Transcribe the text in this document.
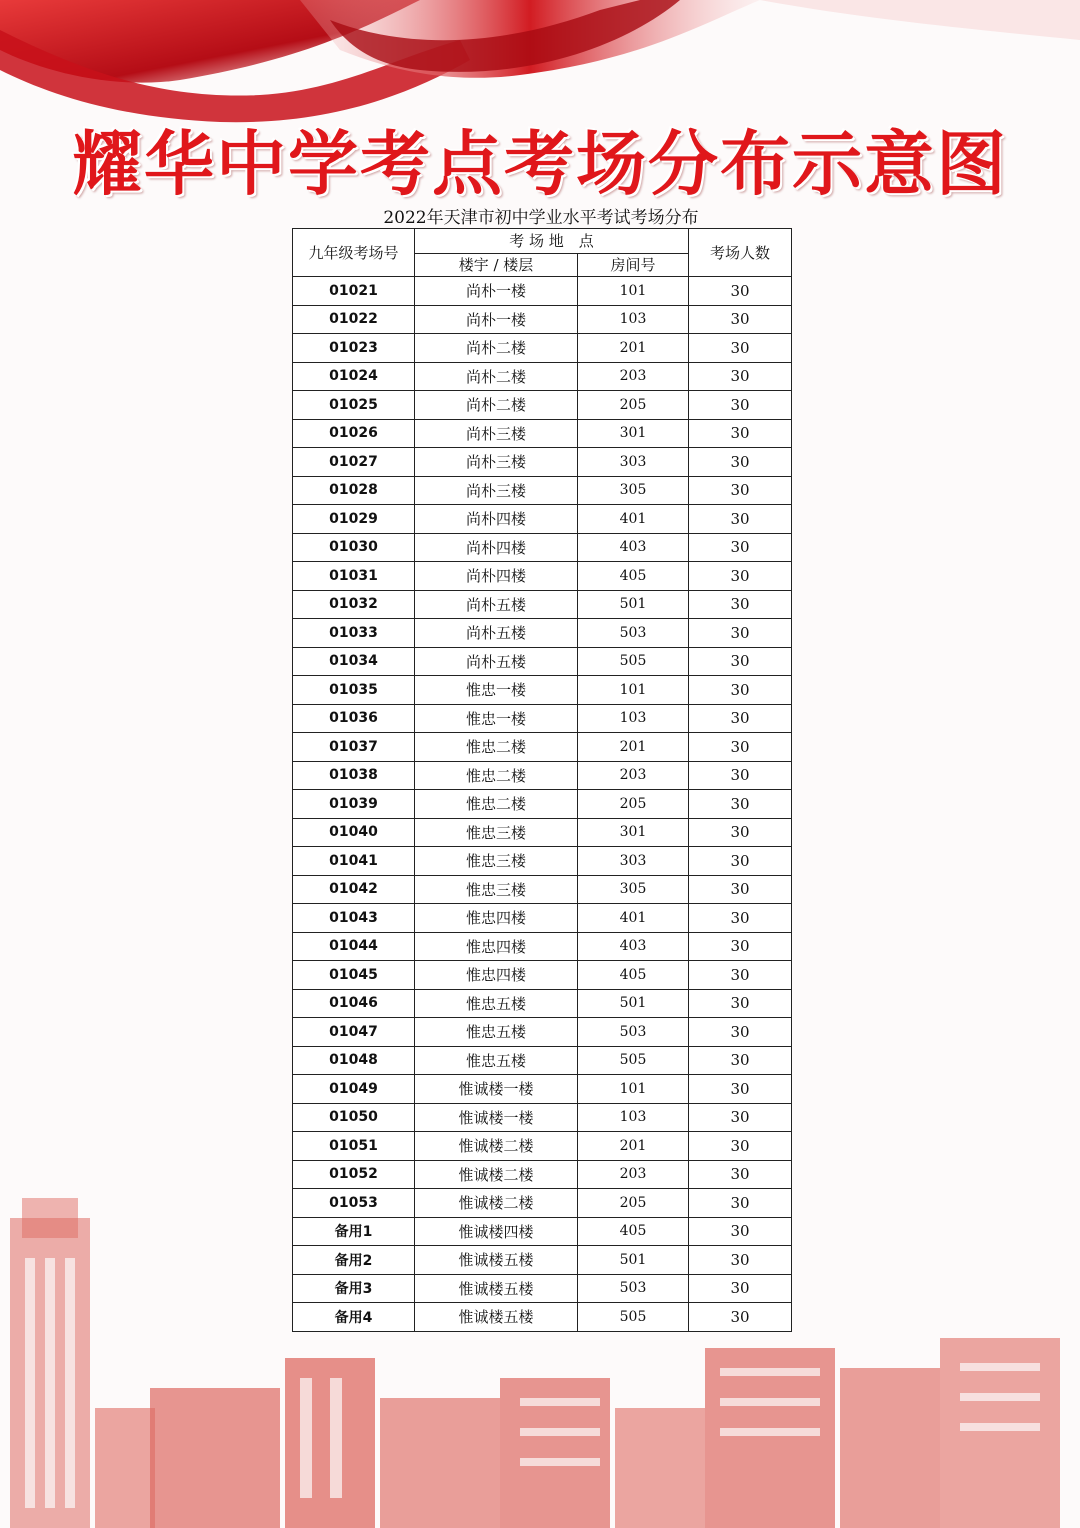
耀华中学考点考场分布示意图

2022年天津市初中学业水平考试考场分布

九年级考场号	考 场 地　点		考场人数
	楼宇 / 楼层	房间号	
01021	尚朴一楼	101	30
01022	尚朴一楼	103	30
01023	尚朴二楼	201	30
01024	尚朴二楼	203	30
01025	尚朴二楼	205	30
01026	尚朴三楼	301	30
01027	尚朴三楼	303	30
01028	尚朴三楼	305	30
01029	尚朴四楼	401	30
01030	尚朴四楼	403	30
01031	尚朴四楼	405	30
01032	尚朴五楼	501	30
01033	尚朴五楼	503	30
01034	尚朴五楼	505	30
01035	惟忠一楼	101	30
01036	惟忠一楼	103	30
01037	惟忠二楼	201	30
01038	惟忠二楼	203	30
01039	惟忠二楼	205	30
01040	惟忠三楼	301	30
01041	惟忠三楼	303	30
01042	惟忠三楼	305	30
01043	惟忠四楼	401	30
01044	惟忠四楼	403	30
01045	惟忠四楼	405	30
01046	惟忠五楼	501	30
01047	惟忠五楼	503	30
01048	惟忠五楼	505	30
01049	惟诚楼一楼	101	30
01050	惟诚楼一楼	103	30
01051	惟诚楼二楼	201	30
01052	惟诚楼二楼	203	30
01053	惟诚楼二楼	205	30
备用1	惟诚楼四楼	405	30
备用2	惟诚楼五楼	501	30
备用3	惟诚楼五楼	503	30
备用4	惟诚楼五楼	505	30
